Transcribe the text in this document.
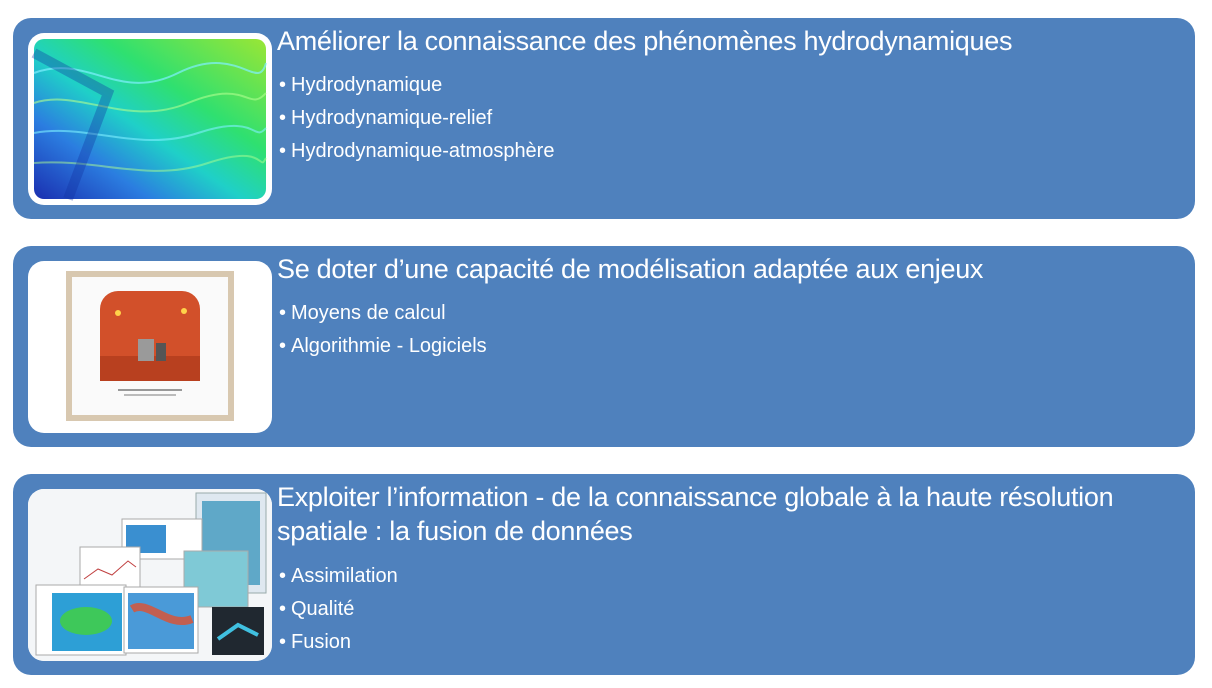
Améliorer la connaissance des phénomènes hydrodynamiques
• Hydrodynamique
• Hydrodynamique-relief
• Hydrodynamique-atmosphère
Se doter d’une capacité de modélisation adaptée aux enjeux
• Moyens de calcul
• Algorithmie - Logiciels
Exploiter l’information - de la connaissance globale à la haute résolution spatiale : la fusion de données
• Assimilation
• Qualité
• Fusion
